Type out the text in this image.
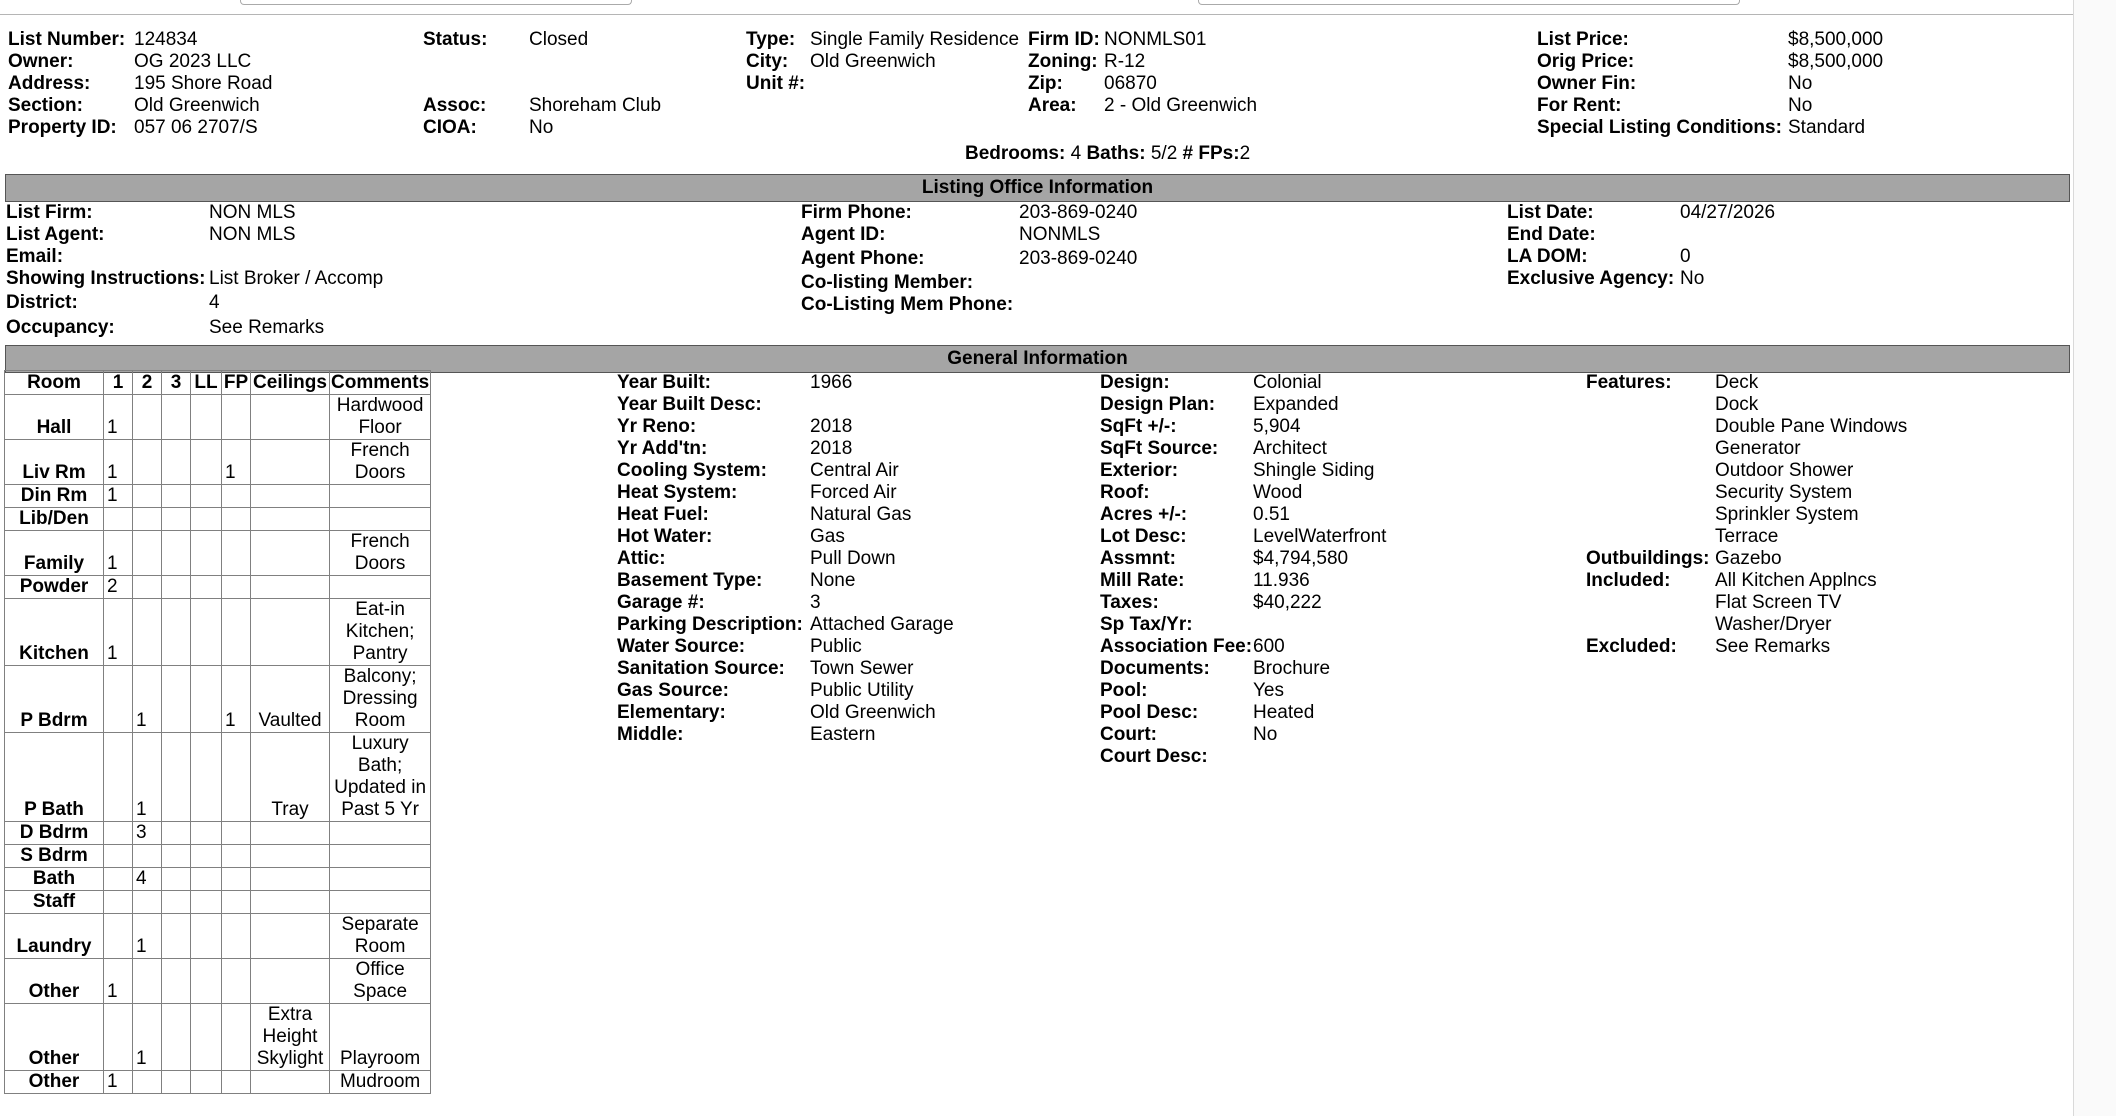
List Number: 124834
Owner:	OG 2023 LLC
Address: 195 Shore Road
Section:	Old Greenwich
Property ID: 057 06 2707/S
Status: Closed
Assoc: Shoreham Club
CIOA:	No
Type: Single Family Residence
City: Old Greenwich
Unit #:
Firm ID: NONMLS01
Zoning: R-12
Zip: 06870
Area: 2 - Old Greenwich
List Price:	$8,500,000
Orig Price:	$8,500,000
Owner Fin:	No
For Rent:	No
Special Listing Conditions: Standard
Bedrooms: 4 Baths: 5/2 # FPs:2
Listing Office Information
List Firm:	NON MLS
List Agent:	NON MLS
Email:
Showing Instructions: List Broker / Accomp
District:	4
Occupancy:	See Remarks
Firm Phone:	203-869-0240
Agent ID:	NONMLS
Agent Phone:	203-869-0240
Co-listing Member:
Co-Listing Mem Phone:
List Date:	04/27/2026
End Date:
LA DOM:	0
Exclusive Agency: No
General Information
Room	1	2	3	LL	FP	Ceilings	Comments
Hall	1						Hardwood Floor
Liv Rm	1				1		French Doors
Din Rm	1						
Lib/Den							
Family	1						French Doors
Powder	2						
Kitchen	1						Eat-in Kitchen; Pantry
P Bdrm		1			1	Vaulted	Balcony; Dressing Room
P Bath		1				Tray	Luxury Bath; Updated in Past 5 Yr
D Bdrm		3					
S Bdrm							
Bath		4					
Staff							
Laundry		1					Separate Room
Other	1						Office Space
Other		1				Extra Height Skylight	Playroom
Other	1						Mudroom
Year Built:	1966
Year Built Desc:
Yr Reno:	2018
Yr Add'tn:	2018
Cooling System: Central Air
Heat System:	Forced Air
Heat Fuel:	Natural Gas
Hot Water:	Gas
Attic:	Pull Down
Basement Type:	None
Garage #:	3
Parking Description: Attached Garage
Water Source:	Public
Sanitation Source: Town Sewer
Gas Source:	Public Utility
Elementary:	Old Greenwich
Middle:	Eastern
Design:	Colonial
Design Plan: Expanded
SqFt +/-:	5,904
SqFt Source: Architect
Exterior:	Shingle Siding
Roof:	Wood
Acres +/-:	0.51
Lot Desc:	LevelWaterfront
Assmnt:	$4,794,580
Mill Rate:	11.936
Taxes:	$40,222
Sp Tax/Yr:
Association Fee: 600
Documents: Brochure
Pool:	Yes
Pool Desc:	Heated
Court:	No
Court Desc:
Features: Deck
Dock
Double Pane Windows
Generator
Outdoor Shower
Security System
Sprinkler System
Terrace
Outbuildings: Gazebo
Included: All Kitchen Applncs
Flat Screen TV
Washer/Dryer
Excluded: See Remarks
